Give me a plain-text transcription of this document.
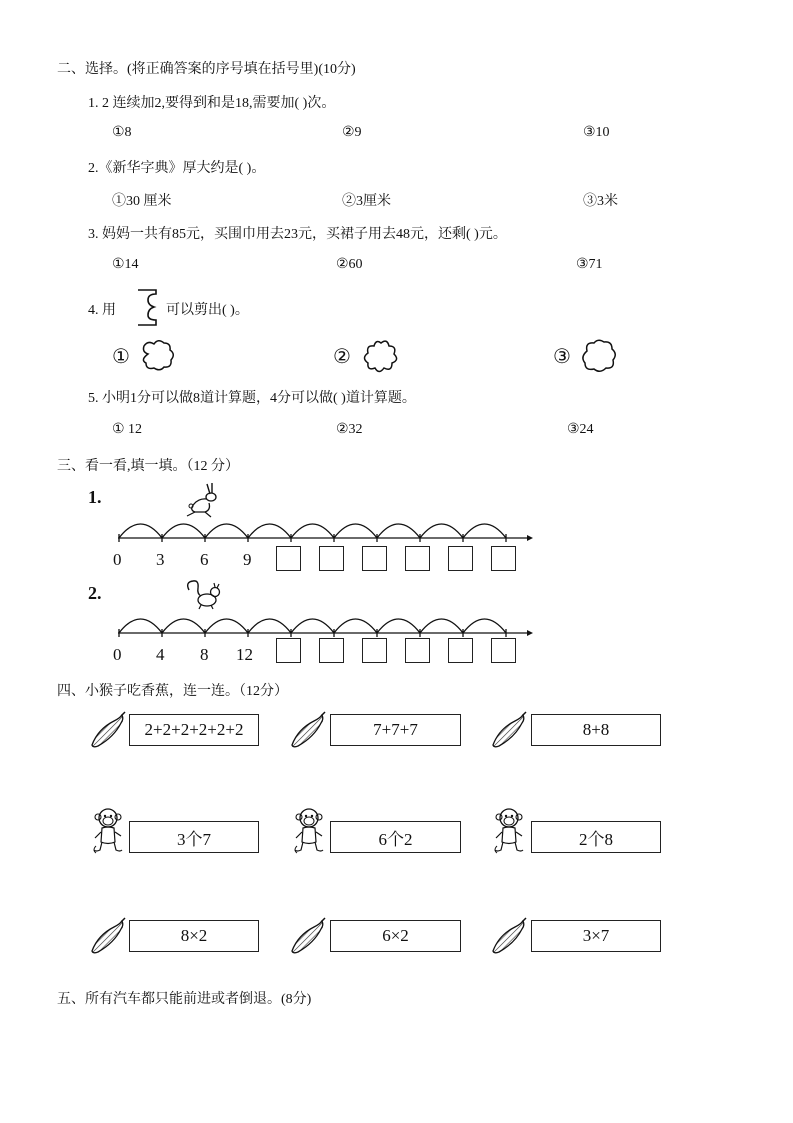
二、选择。(将正确答案的序号填在括号里)(10分)
1. 2 连续加2,要得到和是18,需要加( )次。
①8	②9	③10
2.《新华字典》厚大约是( )。
①30 厘米	②3厘米	③3米
3. 妈妈一共有85元，买围巾用去23元，买裙子用去48元，还剩( )元。
①14	②60	③71
4. 用	可以剪出( )。
①	②	③
5. 小明1分可以做8道计算题，4分可以做( )道计算题。
① 12	②32	③24
三、看一看,填一填。（12 分）
1.
0 3 6 9
2.
0 4 8 12
四、小猴子吃香蕉，连一连。（12分）
2+2+2+2+2+2	7+7+7	8+8
3个7	6个2	2个8
8×2	6×2	3×7
五、所有汽车都只能前进或者倒退。(8分)
